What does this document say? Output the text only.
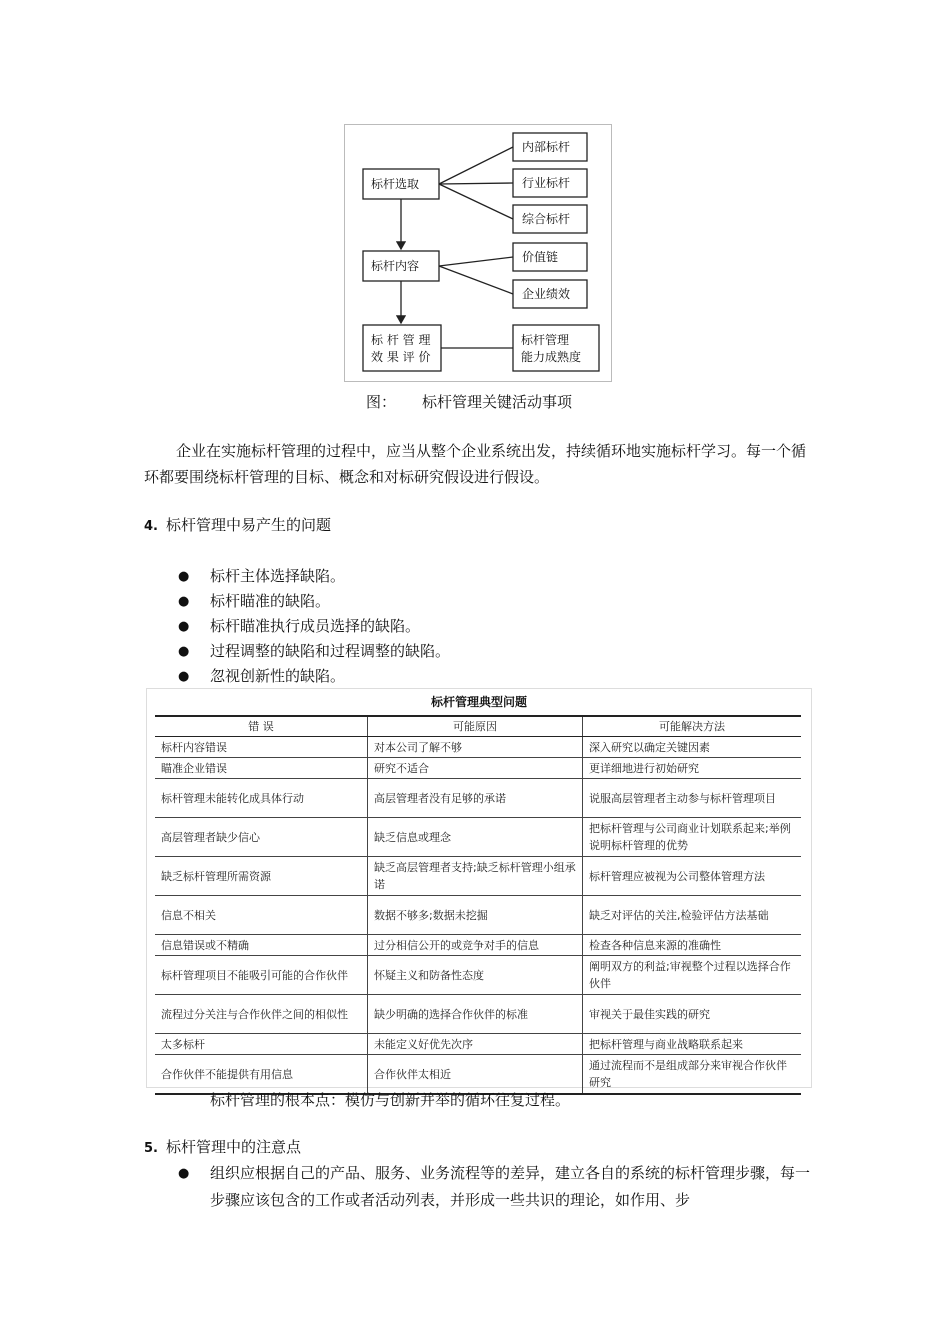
标杆选取
标杆内容
标 杆 管 理
效 果 评 价
内部标杆
行业标杆
综合标杆
价值链
企业绩效
标杆管理
能力成熟度
图： 标杆管理关键活动事项

企业在实施标杆管理的过程中，应当从整个企业系统出发，持续循环地实施标杆学习。每一个循环都要围绕标杆管理的目标、概念和对标研究假设进行假设。

4. 标杆管理中易产生的问题
●	标杆主体选择缺陷。
●	标杆瞄准的缺陷。
●	标杆瞄准执行成员选择的缺陷。
●	过程调整的缺陷和过程调整的缺陷。
●	忽视创新性的缺陷。
标杆管理典型问题
错 误	可能原因	可能解决方法
标杆内容错误	对本公司了解不够	深入研究以确定关键因素
瞄准企业错误	研究不适合	更详细地进行初始研究
标杆管理未能转化成具体行动	高层管理者没有足够的承诺	说服高层管理者主动参与标杆管理项目
高层管理者缺少信心	缺乏信息或理念	把标杆管理与公司商业计划联系起来;举例说明标杆管理的优势
缺乏标杆管理所需资源	缺乏高层管理者支持;缺乏标杆管理小组承诺	标杆管理应被视为公司整体管理方法
信息不相关	数据不够多;数据未挖掘	缺乏对评估的关注,检验评估方法基础
信息错误或不精确	过分相信公开的或竞争对手的信息	检查各种信息来源的准确性
标杆管理项目不能吸引可能的合作伙伴	怀疑主义和防备性态度	阐明双方的利益;审视整个过程以选择合作伙伴
流程过分关注与合作伙伴之间的相似性	缺少明确的选择合作伙伴的标准	审视关于最佳实践的研究
太多标杆	未能定义好优先次序	把标杆管理与商业战略联系起来
合作伙伴不能提供有用信息	合作伙伴太相近	通过流程而不是组成部分来审视合作伙伴研究

标杆管理的根本点：模仿与创新并举的循环往复过程。

5. 标杆管理中的注意点
●	组织应根据自己的产品、服务、业务流程等的差异，建立各自的系统的标杆管理步骤，每一步骤应该包含的工作或者活动列表，并形成一些共识的理论，如作用、步
